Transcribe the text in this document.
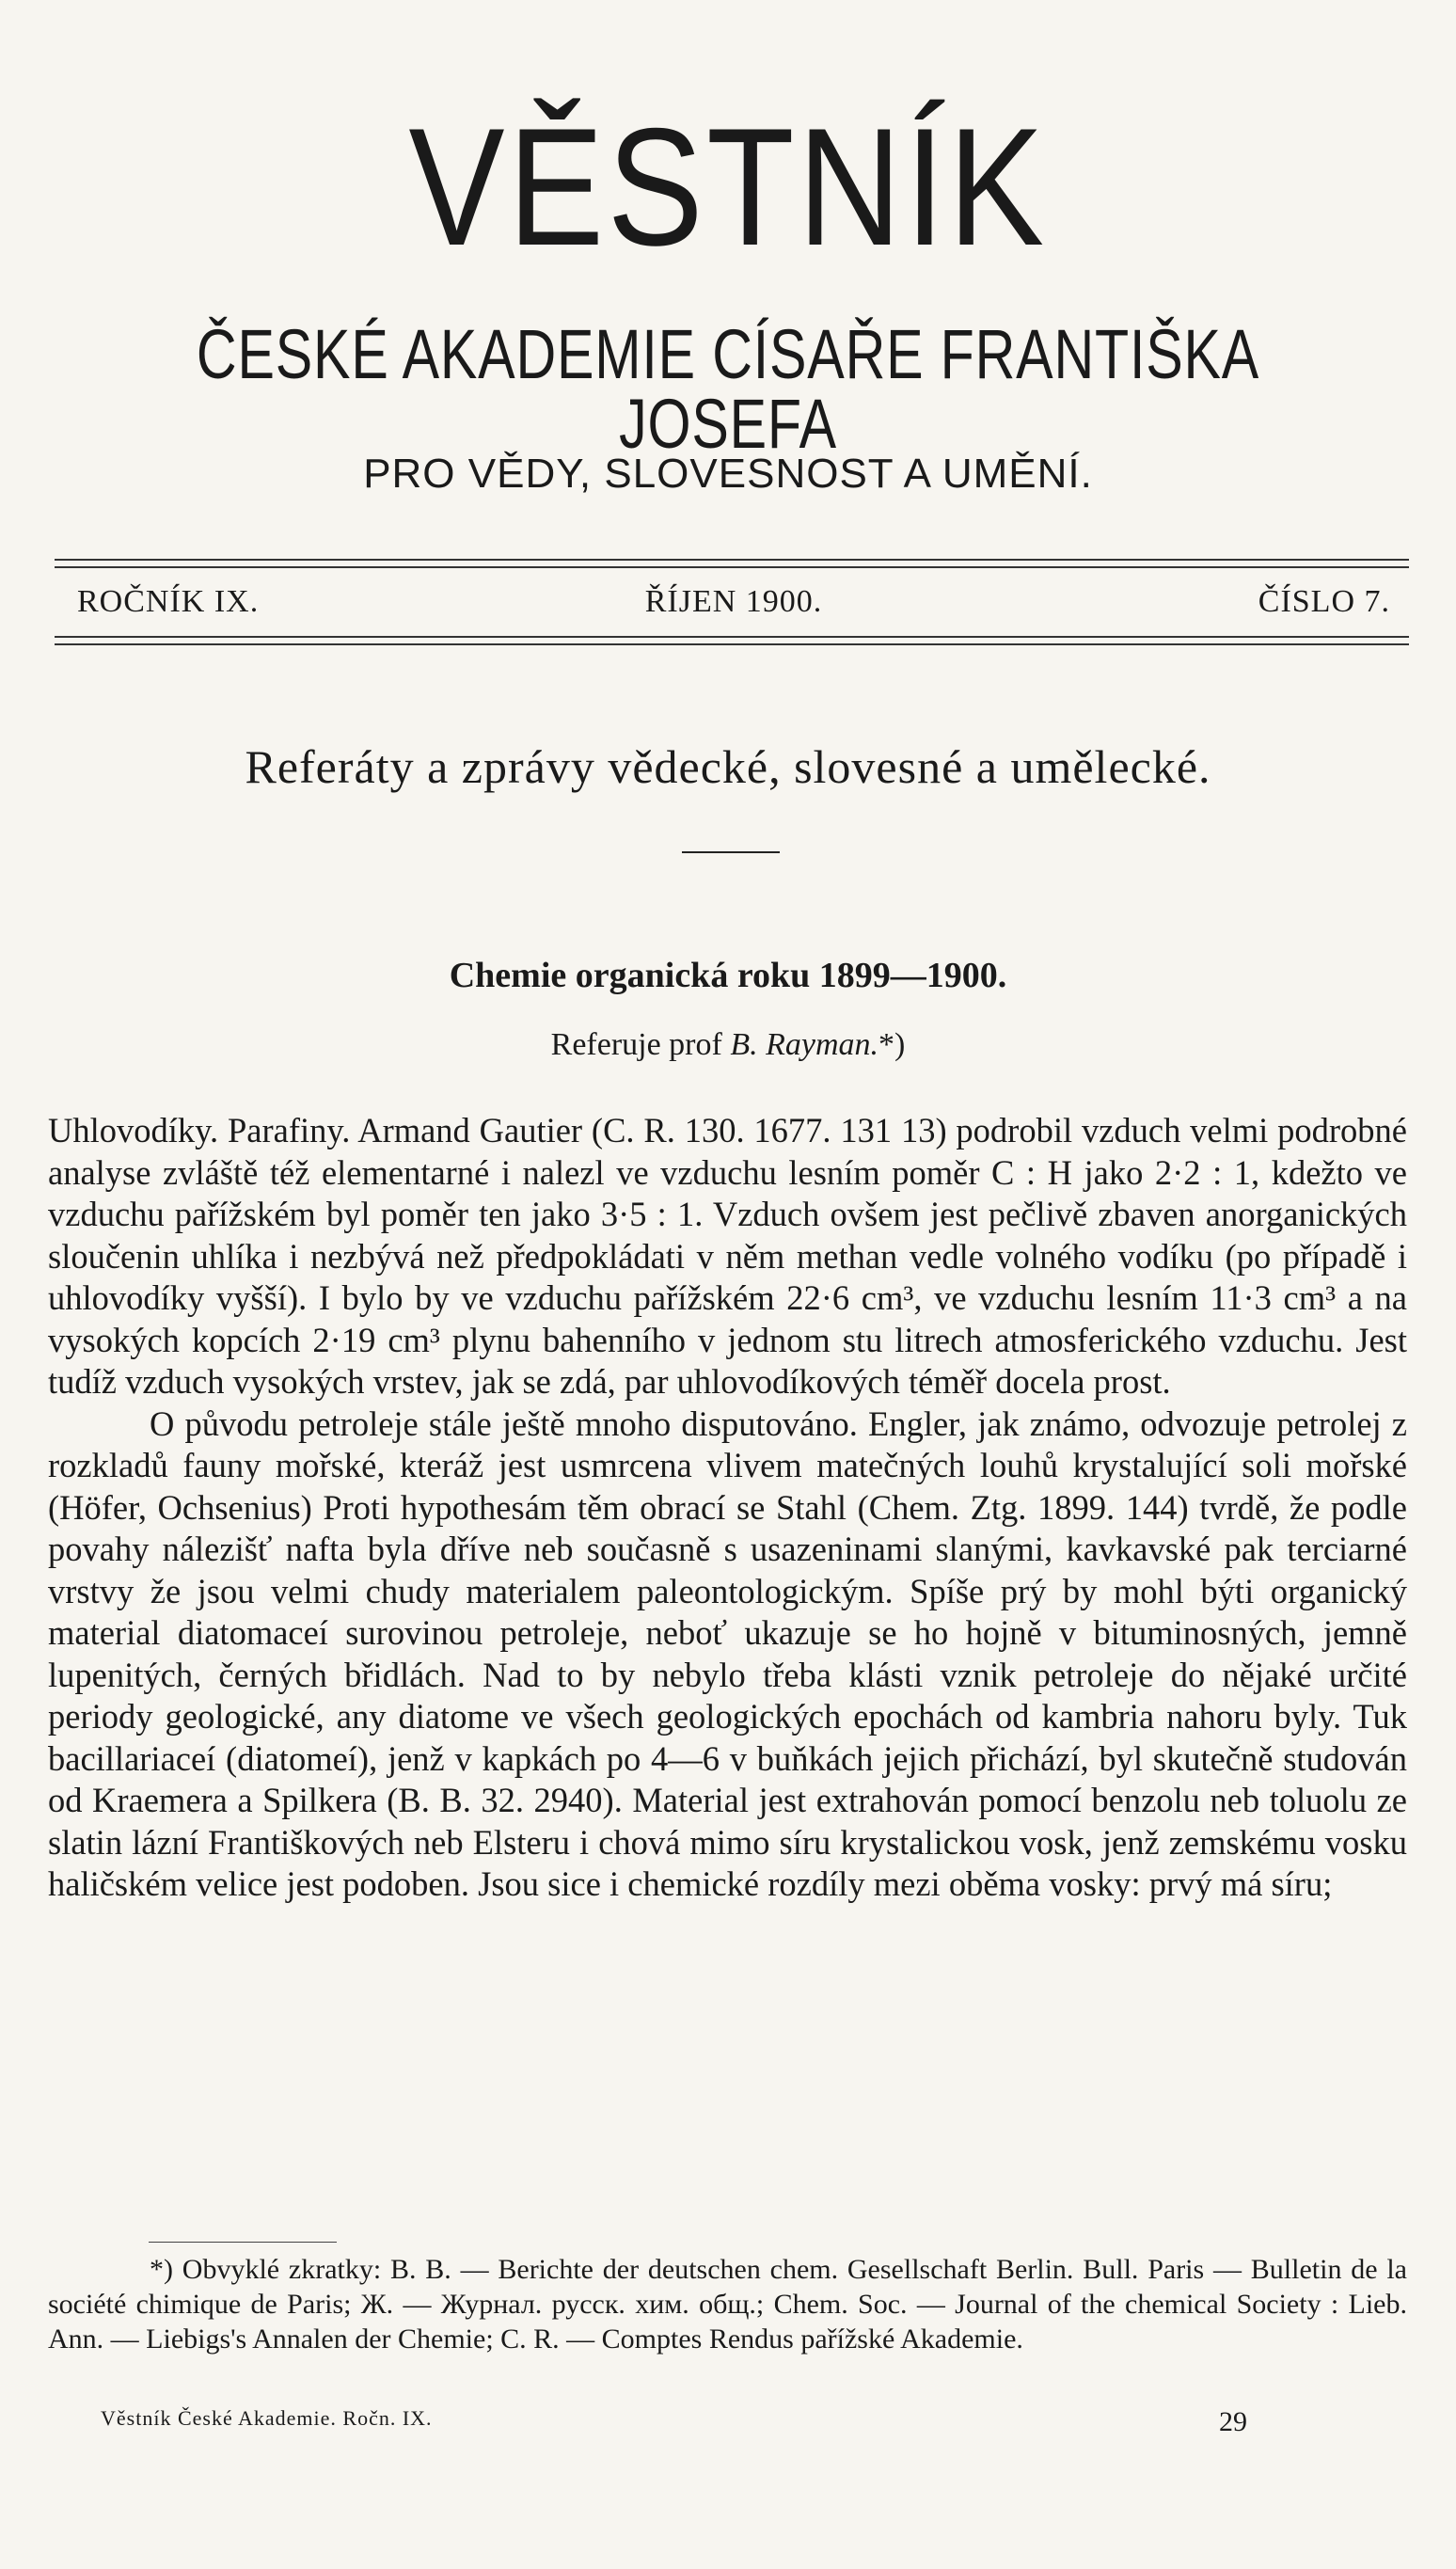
VĚSTNÍK
ČESKÉ AKADEMIE CÍSAŘE FRANTIŠKA JOSEFA
PRO VĚDY, SLOVESNOST A UMĚNÍ.
ROČNÍK IX.	ŘÍJEN 1900.	ČÍSLO 7.
Referáty a zprávy vědecké, slovesné a umělecké.
Chemie organická roku 1899—1900.
Referuje prof B. Rayman.*)

Uhlovodíky. Parafiny. Armand Gautier (C. R. 130. 1677. 131 13) podrobil vzduch velmi podrobné analyse zvláště též elementarné i nalezl ve vzduchu lesním poměr C : H jako 2·2 : 1, kdežto ve vzduchu pařížském byl poměr ten jako 3·5 : 1. Vzduch ovšem jest pečlivě zbaven anorganických sloučenin uhlíka i nezbývá než předpokládati v něm methan vedle volného vodíku (po případě i uhlovodíky vyšší). I bylo by ve vzduchu pařížském 22·6 cm³, ve vzduchu lesním 11·3 cm³ a na vysokých kopcích 2·19 cm³ plynu bahenního v jednom stu litrech atmosferického vzduchu. Jest tudíž vzduch vysokých vrstev, jak se zdá, par uhlovodíkových téměř docela prost.

O původu petroleje stále ještě mnoho disputováno. Engler, jak známo, odvozuje petrolej z rozkladů fauny mořské, kteráž jest usmrcena vlivem matečných louhů krystalující soli mořské (Höfer, Ochsenius) Proti hypothesám těm obrací se Stahl (Chem. Ztg. 1899. 144) tvrdě, že podle povahy nálezišť nafta byla dříve neb současně s usazeninami slanými, kavkavské pak terciarné vrstvy že jsou velmi chudy materialem paleontologickým. Spíše prý by mohl býti organický material diatomaceí surovinou petroleje, neboť ukazuje se ho hojně v bituminosných, jemně lupenitých, černých břidlách. Nad to by nebylo třeba klásti vznik petroleje do nějaké určité periody geologické, any diatome ve všech geologických epochách od kambria nahoru byly. Tuk bacillariaceí (diatomeí), jenž v kapkách po 4—6 v buňkách jejich přichází, byl skutečně studován od Kraemera a Spilkera (B. B. 32. 2940). Material jest extrahován pomocí benzolu neb toluolu ze slatin lázní Františkových neb Elsteru i chová mimo síru krystalickou vosk, jenž zemskému vosku haličském velice jest podoben. Jsou sice i chemické rozdíly mezi oběma vosky: prvý má síru;

*) Obvyklé zkratky: B. B. — Berichte der deutschen chem. Gesellschaft Berlin. Bull. Paris — Bulletin de la société chimique de Paris; Ж. — Журнал. русск. хим. общ.; Chem. Soc. — Journal of the chemical Society : Lieb. Ann. — Liebigs's Annalen der Chemie; C. R. — Comptes Rendus pařížské Akademie.
Věstník České Akademie. Ročn. IX.	29
